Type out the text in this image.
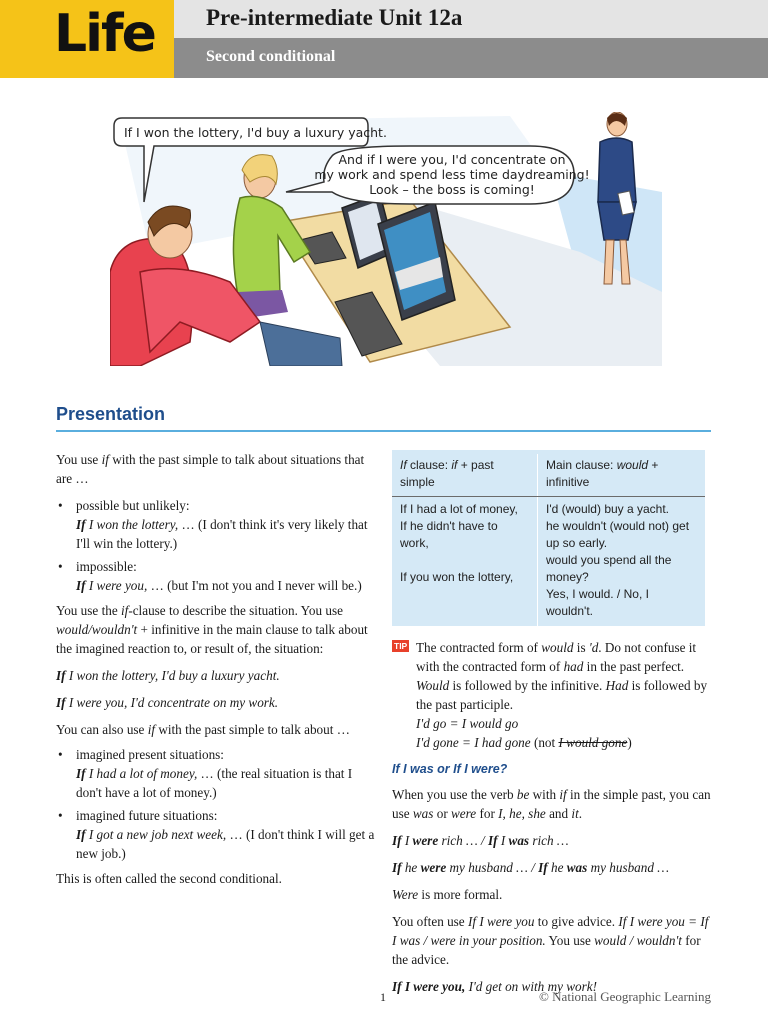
Life Pre-intermediate Unit 12a
Second conditional
If I won the lottery, I'd buy a luxury yacht.
And if I were you, I'd concentrate on
my work and spend less time daydreaming!
Look – the boss is coming!
Presentation

You use if with the past simple to talk about situations that are …

• possible but unlikely:
If I won the lottery, … (I don't think it's very likely that I'll win the lottery.)
• impossible:
If I were you, … (but I'm not you and I never will be.)

You use the if-clause to describe the situation. You use would/wouldn't + infinitive in the main clause to talk about the imagined reaction to, or result of, the situation:

If I won the lottery, I'd buy a luxury yacht.

If I were you, I'd concentrate on my work.

You can also use if with the past simple to talk about …

• imagined present situations:
If I had a lot of money, … (the real situation is that I don't have a lot of money.)
• imagined future situations:
If I got a new job next week, … (I don't think I will get a new job.)

This is often called the second conditional.

If clause: if + past simple
Main clause: would + infinitive
If I had a lot of money,
If he didn't have to work,
If you won the lottery,
I'd (would) buy a yacht.
he wouldn't (would not) get up so early.
would you spend all the money?
Yes, I would. / No, I wouldn't.
TIP The contracted form of would is 'd. Do not confuse it with the contracted form of had in the past perfect. Would is followed by the infinitive. Had is followed by the past participle.
I'd go = I would go
I'd gone = I had gone (not I would gone)
If I was or If I were?

When you use the verb be with if in the simple past, you can use was or were for I, he, she and it.

If I were rich … / If I was rich …

If he were my husband … / If he was my husband …

Were is more formal.

You often use If I were you to give advice. If I were you = If I was / were in your position. You use would / wouldn't for the advice.

If I were you, I'd get on with my work!

1	© National Geographic Learning
